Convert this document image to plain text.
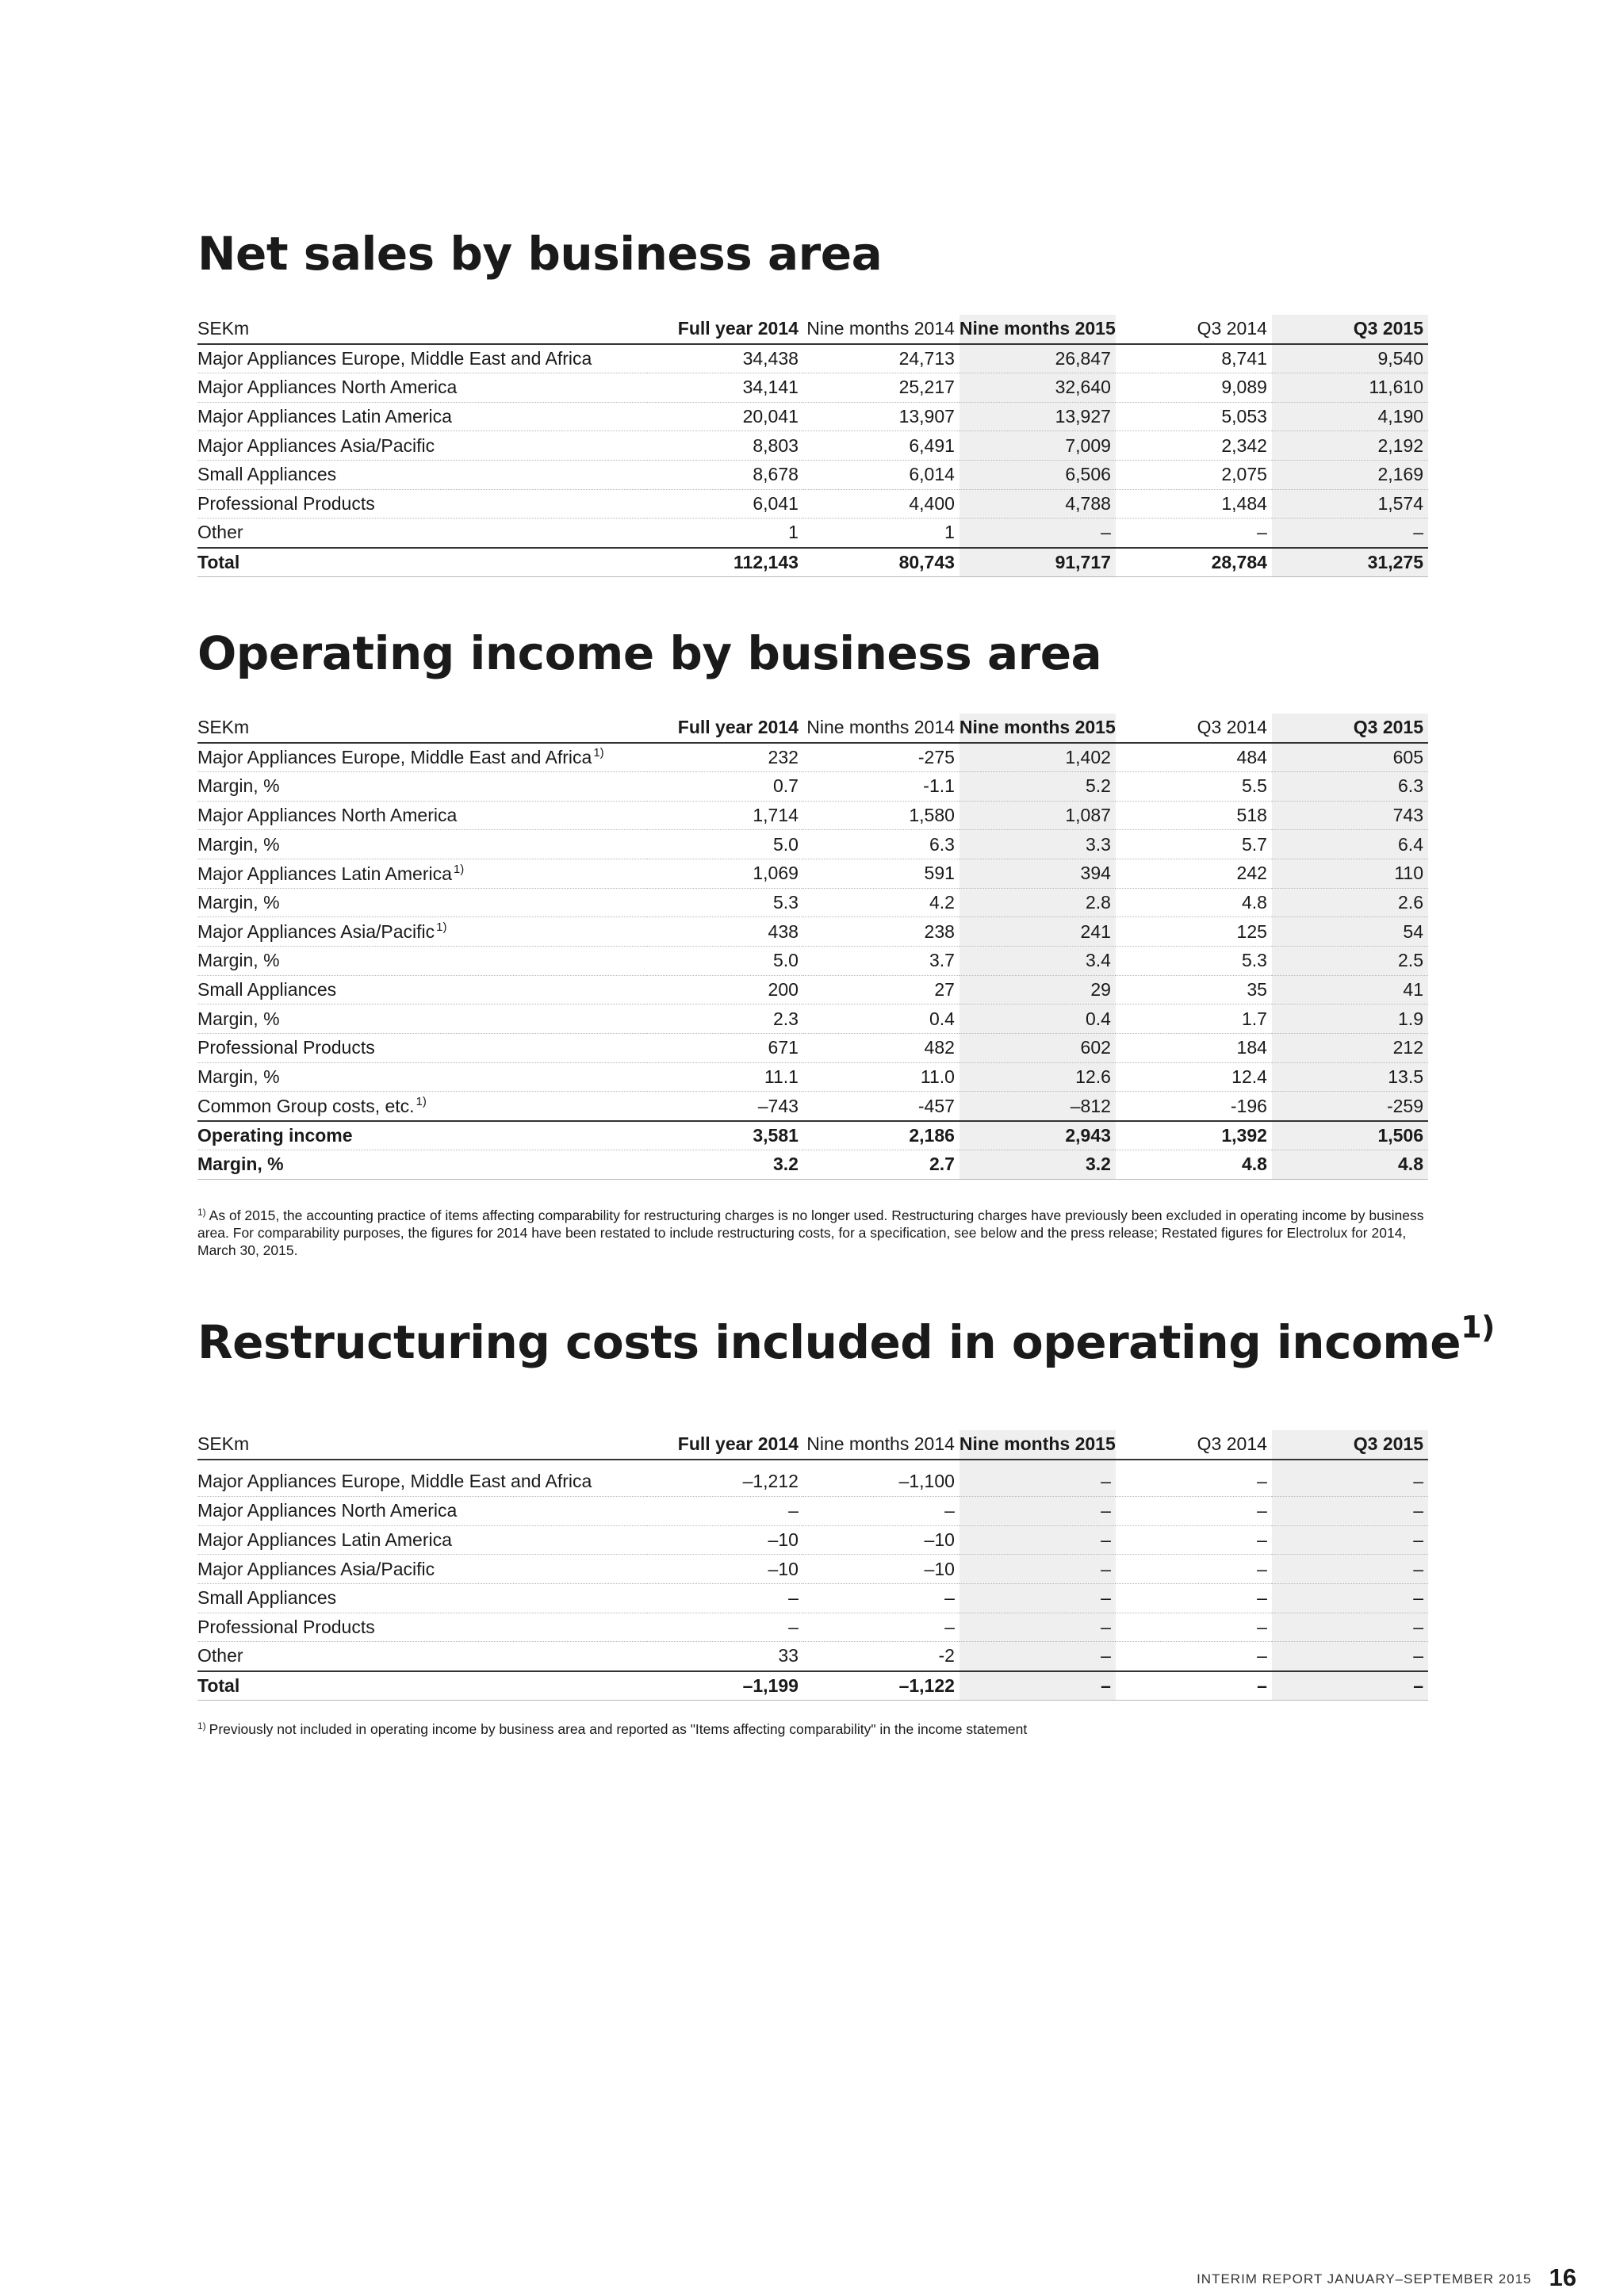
Net sales by business area
SEKm	Full year 2014	Nine months 2014	Nine months 2015	Q3 2014	Q3 2015
Major Appliances Europe, Middle East and Africa	34,438	24,713	26,847	8,741	9,540
Major Appliances North America	34,141	25,217	32,640	9,089	11,610
Major Appliances Latin America	20,041	13,907	13,927	5,053	4,190
Major Appliances Asia/Pacific	8,803	6,491	7,009	2,342	2,192
Small Appliances	8,678	6,014	6,506	2,075	2,169
Professional Products	6,041	4,400	4,788	1,484	1,574
Other	1	1	–	–	–
Total	112,143	80,743	91,717	28,784	31,275
Operating income by business area
SEKm	Full year 2014	Nine months 2014	Nine months 2015	Q3 2014	Q3 2015
Major Appliances Europe, Middle East and Africa $^{1)}$	232	-275	1,402	484	605
Margin, %	0.7	-1.1	5.2	5.5	6.3
Major Appliances North America	1,714	1,580	1,087	518	743
Margin, %	5.0	6.3	3.3	5.7	6.4
Major Appliances Latin America $^{1)}$	1,069	591	394	242	110
Margin, %	5.3	4.2	2.8	4.8	2.6
Major Appliances Asia/Pacific $^{1)}$	438	238	241	125	54
Margin, %	5.0	3.7	3.4	5.3	2.5
Small Appliances	200	27	29	35	41
Margin, %	2.3	0.4	0.4	1.7	1.9
Professional Products	671	482	602	184	212
Margin, %	11.1	11.0	12.6	12.4	13.5
Common Group costs, etc. $^{1)}$	–743	-457	–812	-196	-259
Operating income	3,581	2,186	2,943	1,392	1,506
Margin, %	3.2	2.7	3.2	4.8	4.8
$^{1)}$ As of 2015, the accounting practice of items affecting comparability for restructuring charges is no longer used. Restructuring charges have previously been excluded in operating income by business area. For comparability purposes, the figures for 2014 have been restated to include restructuring costs, for a specification, see below and the press release; Restated figures for Electrolux for 2014, March 30, 2015.
Restructuring costs included in operating income$^{1)}$
SEKm	Full year 2014	Nine months 2014	Nine months 2015	Q3 2014	Q3 2015

Major Appliances Europe, Middle East and Africa	–1,212	–1,100	–	–	–
Major Appliances North America	–	–	–	–	–
Major Appliances Latin America	–10	–10	–	–	–
Major Appliances Asia/Pacific	–10	–10	–	–	–
Small Appliances	–	–	–	–	–
Professional Products	–	–	–	–	–
Other	33	-2	–	–	–
Total	–1,199	–1,122	–	–	–
$^{1)}$ Previously not included in operating income by business area and reported as "Items affecting comparability" in the income statement
INTERIM REPORT JANUARY–SEPTEMBER 2015 16
